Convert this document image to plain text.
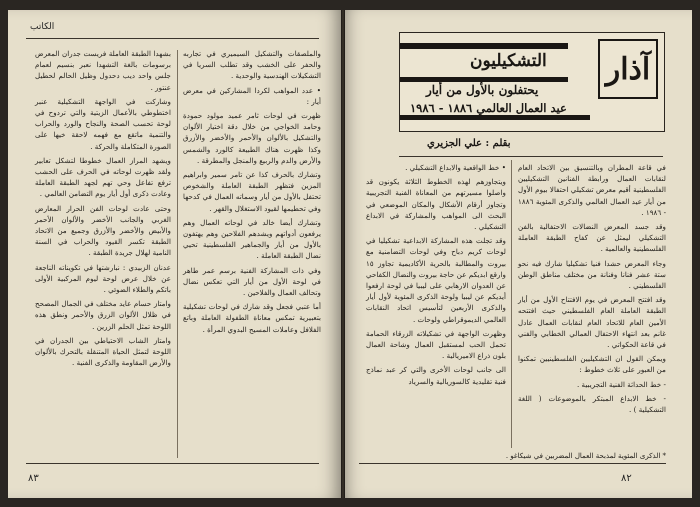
الكاتب

والملصقات والتشكيل السيميري في تجاربه والحفر على الخشب وقد تطلب السريا في التشكيلات الهندسية والوحدية .

• عدد المواهب لكردا المشاركين في معرض أيار :

ظهرت في لوحات ثامر عميد مولود حمودة وحامد الخواجي من خلال دقة اختيار الألوان والتشكيل بالألوان والأحمر والأخضر والأزرق وكذا ظهرت هناك الطبيعة كالورد والشمس والأرض والدم والربيع والمنجل والمطرقة .

وتشارك بالحرف كذا عن تامر سمير وابراهيم المزين فتظهر الطبقة العاملة والشخوص تحتفل بالأول من أيار وسماته العمال في كدحها وفي تحطيمها لقيود الاستغلال والقهر .

وتشارك أيضا خالد في لوحاته العمال وهم يرفعون أدواتهم ويشدهم الفلاحين وهم يهتفون بالأول من أيار والجماهير الفلسطينية تحيي نضال الطبقة العاملة .

وفي ذات المشاركة الفنية برسم عمر طاهر في لوحة الأول من أيار التي تعكس نضال وتحالف العمال والفلاحين .

أما عتبي فجعل وقد شارك في لوحات تشكيلية بتعبيرية تمكس معاناة الطفولة العاملة وباتع الفلافل وعاملات المسيح البدوي المرأة .

بشهدا الطبقة العاملة فريست جدران المعرض برسومات بالغة التشهدا نعبر بنسيم لعمام جلس واحد ديب دحدول وظيل الحالم لحطيل عنتور .

وشاركت في الواجهة التشكيلية عنبر اختطوطي بالأعمال الزيتية والتي تردوح في لوحة تحسب الصحة والنجاح والورد والحراب والتنمية ماتقع مع فهمه لاحقة خيها على الصورة المتكاملة والحركة .

ويشهد المراز العمال خطوطا لتشكل تعابير ولقد ظهرت لوحاته في الحرف على الحشب ترفع تفاعل وحي تهم لجهد الطبقة العاملة وعادت ذكرى أول أيار يوم التضامن العالمي .

وحتى عادت لوحات الفن الحرار المعارض الغربي والجانب الأخضر والألوان الأحمر والأبيض والأخضر والأزرق وجميع من الاتحاد الطبقة تكسر القيود والحراب في السنة النامية لهلال جريدة الطبقة .

عدنان الزبيدي : نبارشتها في تكويناته الناجعة عن خلال عرض لوحة ليوم المركبية الأولى باتكم والطلاء الضوئي .

وامتاز حسام عايد مختلف في الجمال المصحح في ظلال الألوان الزرق والأحمر ونطق هذه اللوحة تمثل الحلم الزرين .

وامتاز الشاب الاحتياطي بين الجدران في اللوحة لتمثل الحياة المتنقلة بالتحرك بالألوان والأرض المقاومة والذكرى الفنية .

٨٣
آذار
التشكيليون
يحتفلون بالأول من أيار
عيد العمال العالمي ١٨٨٦ - ١٩٨٦
بقلم : علي الجزيري

في قاعة المطران وبالتنسيق بين الاتحاد العام لنقابات العمال ورابطة الفنانين التشكيليين الفلسطينية أقيم معرض تشكيلي احتفالا بيوم الأول من أيار عيد العمال العالمي والذكرى المئوية ١٨٨٦ - ١٩٨٦ .

وقد جسد المعرض النضالات الاحتفالية بالفن التشكيلي ليمثل عن كفاح الطبقة العاملة الفلسطينية والعالمية .

وجاء المعرض حشدا فنيا تشكيليا شارك فيه نحو ستة عشر فنانا وفنانة من مختلف مناطق الوطن الفلسطيني .

وقد افتتح المعرض في يوم الافتتاح الأول من أيار الطبقة العاملة العام الفلسطيني حيث افتتحه الأمين العام للاتحاد العام لنقابات العمال عادل غانم بعد انتهاء الاحتفال العمالي الخطابي والفني في قاعة الحكواتي .

ويمكن القول ان التشكيليين الفلسطينيين تمكنوا من العبور على ثلاث خطوط :

- خط الحداثة الفنية التجريبية .

- خط الابداع المبتكر بالموضوعات ( اللغة التشكيلية ) .

• خط الواقعية والابداع التشكيلي .

ويتجاوزهم لهذه الخطوط الثلاثة يكونون قد واصلوا مسيرتهم من المعاناة الفنية التجريبية وتجاوز أرقام الأشكال والمكان الموضعي في البحث الى المواهب والمشاركة في الابداع التشكيلي .

وقد تجلت هذه المشاركة الابداعية تشكيليا في لوحات كريم دباح وفي لوحات التضامنية مع بيروت والمطالبة بالحرية الأكاديمية تجاوز ١٥ وارقع ابديكم عن حاجة بيروت والنضال الكفاحي عن العدوان الارهابي على ليبيا في لوحة ارفعوا أيديكم عن ليبيا ولوحة الذكرى المئوية لأول أيار والذكرى الأربعين لتأسيس اتحاد النقابات العالمي الديموقراطي ولوحات .

وظهرت الواجهة في تشكيلاته الزرقاء الحمامة تحمل الحب لمستقبل العمال وشاحة العمال بلون ذراع الاميريالية .

الى جانب لوحات الأخرى والتي كر عبد نماذج فنية تقليدية كالسوريالية والسرياد

* الذكرى المئوية لمذبحة العمال المضربين في شيكاغو .
٨٢
